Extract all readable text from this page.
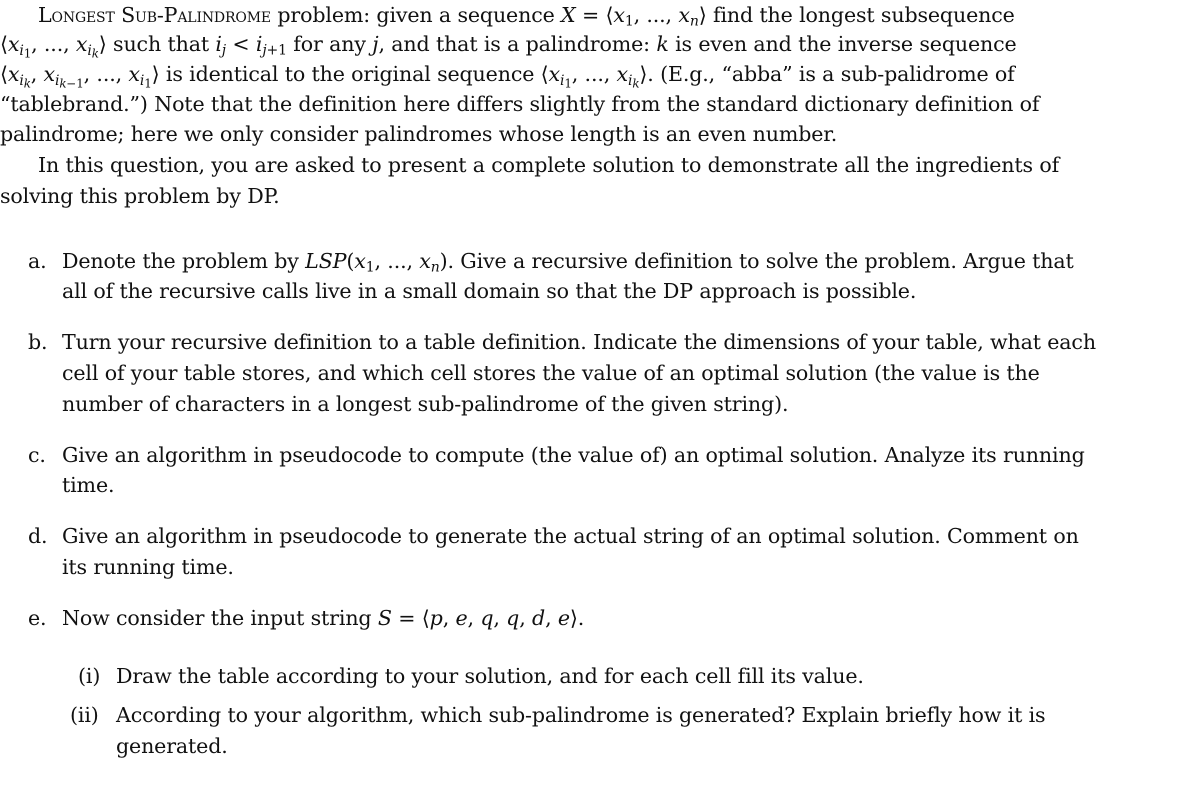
Longest Sub-Palindrome problem: given a sequence $X = ⟨x_1$, ..., $x_n⟩$ find the longest subsequence
$⟨x_{i_1}$, ..., $x_{i_k}⟩$ such that $i_j < i_{j+1}$ for any j, and that is a palindrome: k is even and the inverse sequence
$⟨x_{i_k}$, $x_{i_{k-1}}$, ..., $x_{i_1}⟩$ is identical to the original sequence $⟨x_{i_1}$, ..., $x_{i_k}⟩$. (E.g., “abba” is a sub-palidrome of
“tablebrand.”) Note that the definition here differs slightly from the standard dictionary definition of
palindrome; here we only consider palindromes whose length is an even number.
In this question, you are asked to present a complete solution to demonstrate all the ingredients of
solving this problem by DP.
a. Denote the problem by $LSP(x_1$, ..., $x_n$). Give a recursive definition to solve the problem. Argue that
all of the recursive calls live in a small domain so that the DP approach is possible.
b. Turn your recursive definition to a table definition. Indicate the dimensions of your table, what each
cell of your table stores, and which cell stores the value of an optimal solution (the value is the
number of characters in a longest sub-palindrome of the given string).
c. Give an algorithm in pseudocode to compute (the value of) an optimal solution. Analyze its running
time.
d. Give an algorithm in pseudocode to generate the actual string of an optimal solution. Comment on
its running time.
e. Now consider the input string S = ⟨p, e, q, q, d, e⟩.
(i) Draw the table according to your solution, and for each cell fill its value.
(ii) According to your algorithm, which sub-palindrome is generated? Explain briefly how it is
generated.
